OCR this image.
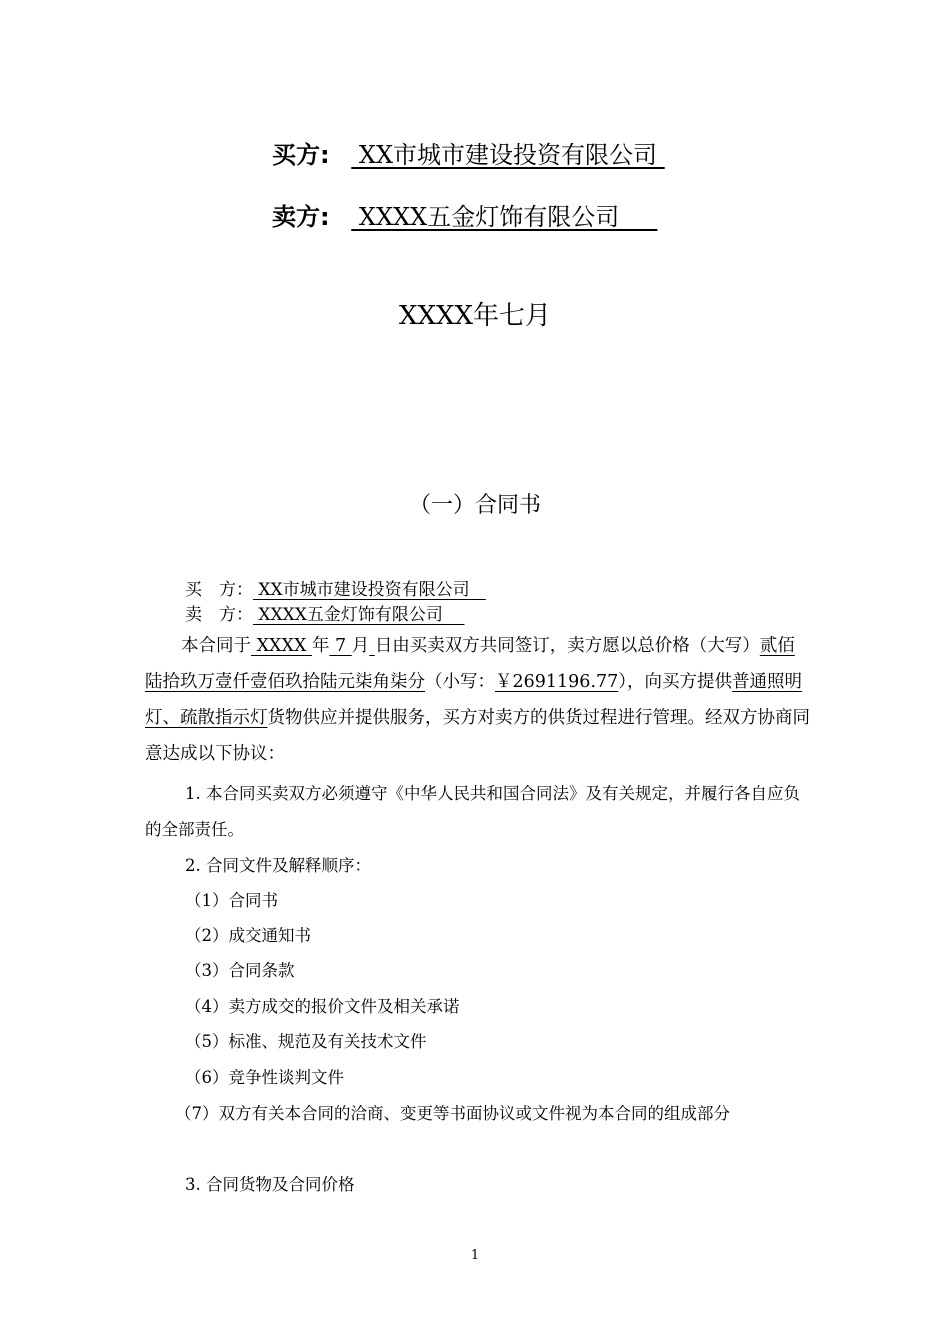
买方:  XX市城市建设投资有限公司
卖方:  XXXX五金灯饰有限公司
XXXX年七月
（一）合同书
买　方： XX市城市建设投资有限公司
卖　方： XXXX五金灯饰有限公司
本合同于 XXXX 年 7 月 日由买卖双方共同签订，卖方愿以总价格（大写）贰佰陆拾玖万壹仟壹佰玖拾陆元柒角柒分（小写：￥2691196.77），向买方提供普通照明灯、疏散指示灯货物供应并提供服务，买方对卖方的供货过程进行管理。经双方协商同意达成以下协议：
1. 本合同买卖双方必须遵守《中华人民共和国合同法》及有关规定，并履行各自应负的全部责任。
2. 合同文件及解释顺序：
（1）合同书
（2）成交通知书
（3）合同条款
（4）卖方成交的报价文件及相关承诺
（5）标准、规范及有关技术文件
（6）竞争性谈判文件
（7）双方有关本合同的洽商、变更等书面协议或文件视为本合同的组成部分
3. 合同货物及合同价格
1
